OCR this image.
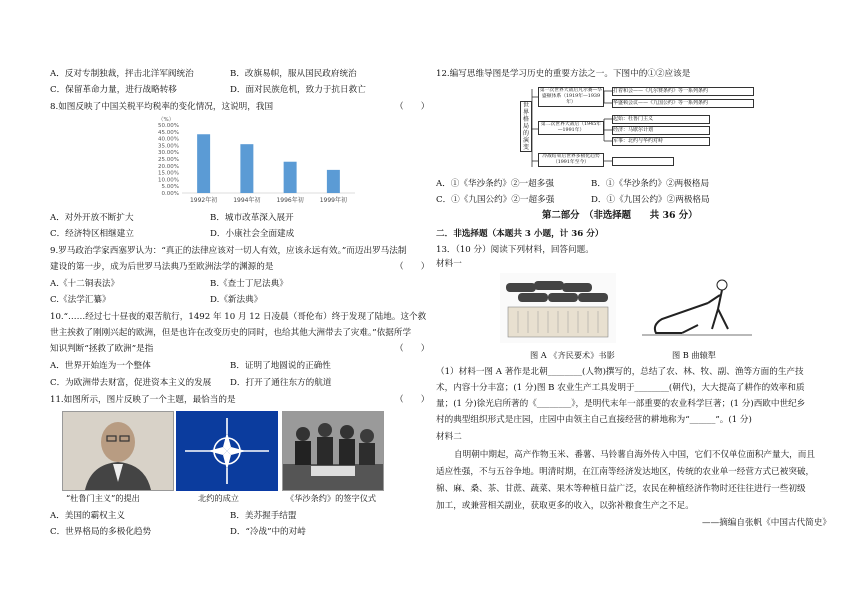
A．反对专制独裁，抨击北洋军阀统治	B．改旗易帜，服从国民政府统治
C．保留革命力量，进行战略转移	D．面对民族危机，致力于抗日救亡
8.如图反映了中国关税平均税率的变化情况，这说明，我国	（　　）
（%）
0.00%
5.00%
10.00%
15.00%
20.00%
25.00%
30.00%
35.00%
40.00%
45.00%
50.00%
1992年初	1994年初	1996年初	1999年初
A．对外开放不断扩大	B．城市改革深入展开
C．经济特区相继建立	D．小康社会全面建成
9.罗马政治学家西塞罗认为：“真正的法律应该对一切人有效，应该永远有效。”而迈出罗马法制
建设的第一步，成为后世罗马法典乃至欧洲法学的渊源的是	（　　）
A.《十二铜表法》	B.《查士丁尼法典》
C.《法学汇纂》	D.《新法典》
10.“……经过七十昼夜的艰苦航行，1492 年 10 月 12 日凌晨（哥伦布）终于发现了陆地。这个救
世主挨救了刚刚兴起的欧洲，但是也许在改变历史的同时，也给其他大洲带去了灾难。”依据所学
知识判断“拯救了欧洲”是指	（　　）
A．世界开始连为一个整体	B．证明了地圆说的正确性
C．为欧洲带去财富，促进资本主义的发展 D．打开了通往东方的航道
11.如图所示，图片反映了一个主题，最恰当的是	（　　）
“杜鲁门主义”的提出	北约的成立	《华沙条约》的签字仪式
A．美国的霸权主义	B．美苏握手结盟
C．世界格局的多极化趋势	D．“冷战”中的对峙
12.编写思维导图是学习历史的重要方法之一。下图中的①②应该是
世界格局的演变
第一次世界大战后凡尔赛—华盛顿体系（1919年—1939年）
第二次世界大战后（1945年—1991年）
冷战结束后世界多极化趋势（1991年至今）
打着和会——《凡尔赛条约》等一系列条约
华盛顿会议——《九国公约》等一系列条约
起始：杜鲁门主义
经济：马歇尔计划
军事：北约与华约对峙
A．①《华沙条约》②一超多强	B．①《华沙条约》②两极格局
C．①《九国公约》②一超多强	D．①《九国公约》②两极格局
第二部分　（非选择题　　共 36 分）
二．非选择题（本题共 3 小题，计 36 分）
13．（10 分）阅读下列材料，回答问题。
材料一
图 A 《齐民要术》书影	图 B 曲辕犁
（1）材料一图 A 著作是北朝________(人物)撰写的，总结了农、林、牧、副、渔等方面的生产技
术，内容十分丰富；(1 分)图 B 农业生产工具发明于________(朝代)，大大提高了耕作的效率和质
量；(1 分)徐光启所著的《________》，是明代末年一部重要的农业科学巨著；(1 分)西欧中世纪乡
村的典型组织形式是庄园，庄园中由领主自己直接经营的耕地称为“______”。(1 分)
材料二
自明朝中期起，高产作物玉米、番薯、马铃薯自海外传入中国，它们不仅单位面积产量大，而且
适应性强，不与五谷争地。明清时期，在江南等经济发达地区，传统的农业单一经营方式已被突破，
棉、麻、桑、茶、甘蔗、蔬菜、果木等种植日益广泛，农民在种植经济作物时还往往进行一些初级
加工，或兼营相关副业，获取更多的收入，以弥补粮食生产之不足。
——摘编自张帆《中国古代简史》
